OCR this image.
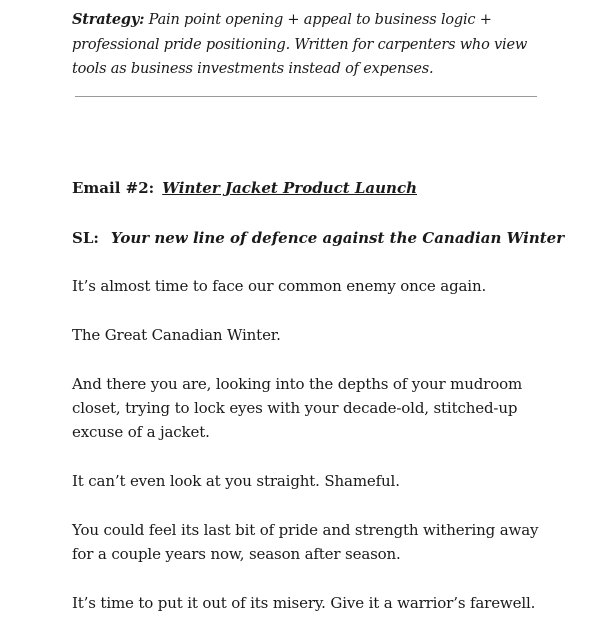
Strategy: Pain point opening + appeal to business logic + professional pride positioning. Written for carpenters who view tools as business investments instead of expenses.

Email #2: Winter Jacket Product Launch

SL: Your new line of defence against the Canadian Winter

It’s almost time to face our common enemy once again.

The Great Canadian Winter.

And there you are, looking into the depths of your mudroom closet, trying to lock eyes with your decade-old, stitched-up excuse of a jacket.

It can’t even look at you straight. Shameful.

You could feel its last bit of pride and strength withering away for a couple years now, season after season.

It’s time to put it out of its misery. Give it a warrior’s farewell.
